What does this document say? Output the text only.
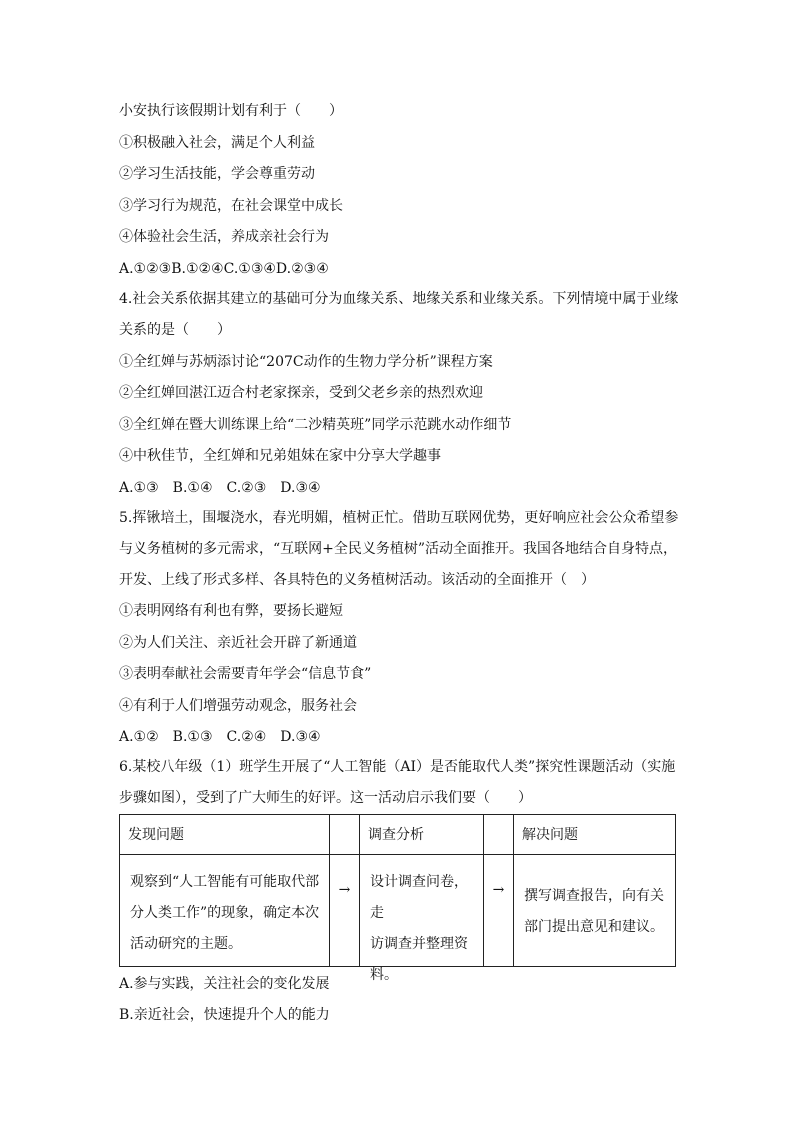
小安执行该假期计划有利于（　　）
①积极融入社会，满足个人利益
②学习生活技能，学会尊重劳动
③学习行为规范，在社会课堂中成长
④体验社会生活，养成亲社会行为
A.①②③B.①②④C.①③④D.②③④
4.社会关系依据其建立的基础可分为血缘关系、地缘关系和业缘关系。下列情境中属于业缘
关系的是（　　）
①全红婵与苏炳添讨论“207C动作的生物力学分析”课程方案
②全红婵回湛江迈合村老家探亲，受到父老乡亲的热烈欢迎
③全红婵在暨大训练课上给“二沙精英班”同学示范跳水动作细节
④中秋佳节，全红婵和兄弟姐妹在家中分享大学趣事
A.①③　B.①④　C.②③　D.③④
5.挥锹培土，围堰浇水，春光明媚，植树正忙。借助互联网优势，更好响应社会公众希望参
与义务植树的多元需求，“互联网+全民义务植树”活动全面推开。我国各地结合自身特点，
开发、上线了形式多样、各具特色的义务植树活动。该活动的全面推开（　）
①表明网络有利也有弊，要扬长避短
②为人们关注、亲近社会开辟了新通道
③表明奉献社会需要青年学会“信息节食”
④有利于人们增强劳动观念，服务社会
A.①②　B.①③　C.②④　D.③④
6.某校八年级（1）班学生开展了“人工智能（AI）是否能取代人类”探究性课题活动（实施
步骤如图），受到了广大师生的好评。这一活动启示我们要（　　）
发现问题
观察到“人工智能有可能取代部
分人类工作”的现象，确定本次
活动研究的主题。
→
调查分析
设计调查问卷，走
访调查并整理资
料。
→
解决问题
撰写调查报告，向有关
部门提出意见和建议。
A.参与实践，关注社会的变化发展
B.亲近社会，快速提升个人的能力
